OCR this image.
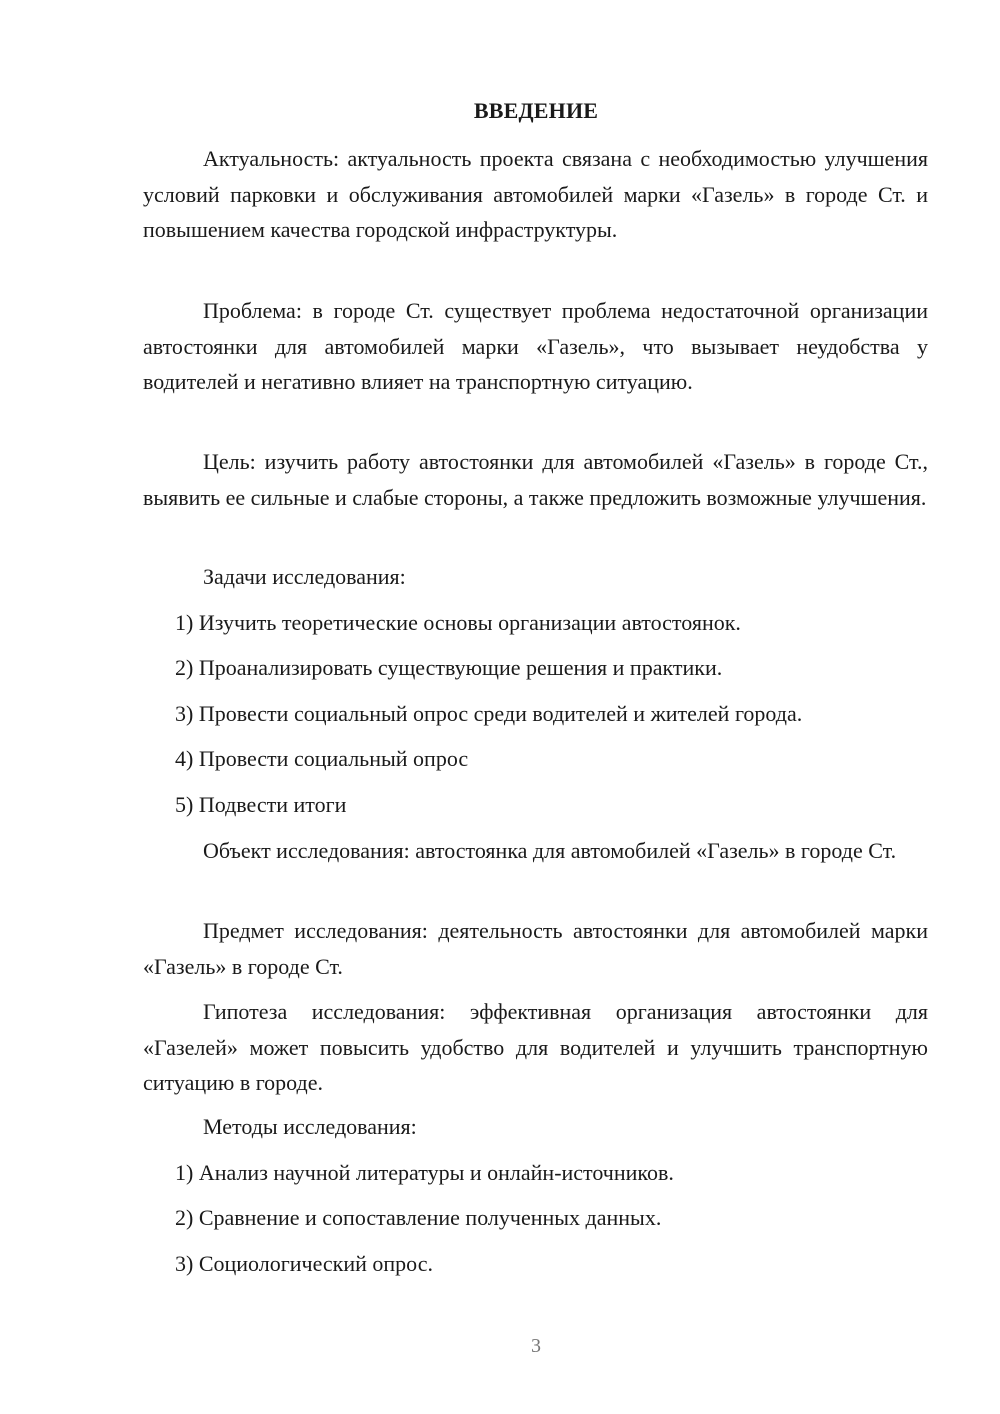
ВВЕДЕНИЕ

Актуальность: актуальность проекта связана с необходимостью улучшения условий парковки и обслуживания автомобилей марки «Газель» в городе Ст. и повышением качества городской инфраструктуры.

Проблема: в городе Ст. существует проблема недостаточной организации автостоянки для автомобилей марки «Газель», что вызывает неудобства у водителей и негативно влияет на транспортную ситуацию.

Цель: изучить работу автостоянки для автомобилей «Газель» в городе Ст., выявить ее сильные и слабые стороны, а также предложить возможные улучшения.

Задачи исследования:
1) Изучить теоретические основы организации автостоянок.
2) Проанализировать существующие решения и практики.
3) Провести социальный опрос среди водителей и жителей города.
4) Провести социальный опрос
5) Подвести итоги

Объект исследования: автостоянка для автомобилей «Газель» в городе Ст.

Предмет исследования: деятельность автостоянки для автомобилей марки «Газель» в городе Ст.

Гипотеза исследования: эффективная организация автостоянки для «Газелей» может повысить удобство для водителей и улучшить транспортную ситуацию в городе.

Методы исследования:
1) Анализ научной литературы и онлайн-источников.
2) Сравнение и сопоставление полученных данных.
3) Социологический опрос.
3
